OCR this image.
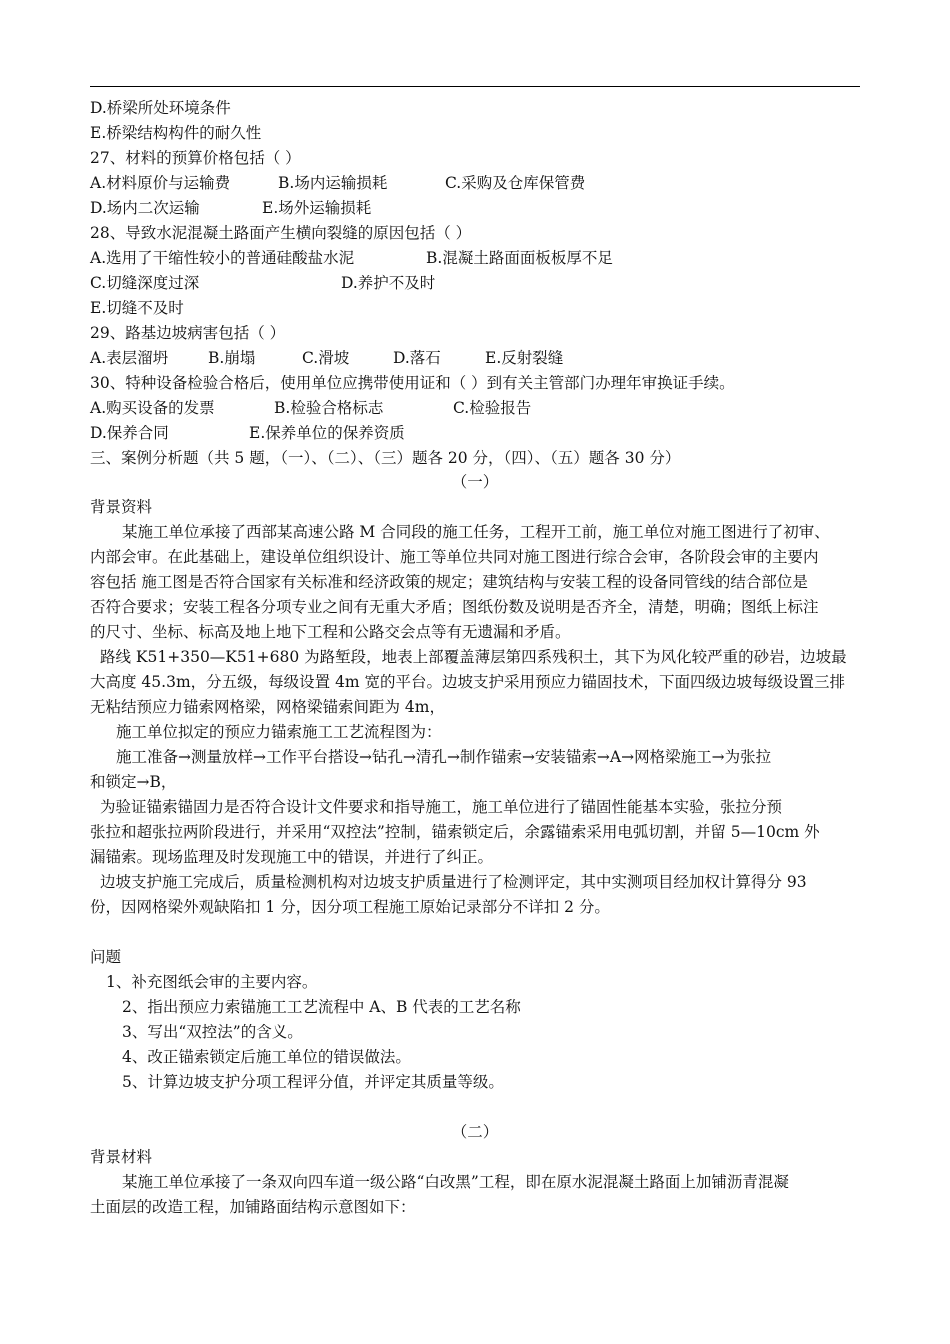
D.桥梁所处环境条件
E.桥梁结构构件的耐久性
27、材料的预算价格包括（ ）
A.材料原价与运输费	B.场内运输损耗	C.采购及仓库保管费
D.场内二次运输	E.场外运输损耗
28、导致水泥混凝土路面产生横向裂缝的原因包括（ ）
A.选用了干缩性较小的普通硅酸盐水泥	B.混凝土路面面板板厚不足
C.切缝深度过深	D.养护不及时
E.切缝不及时
29、路基边坡病害包括（ ）
A.表层溜坍	B.崩塌	C.滑坡	D.落石	E.反射裂缝
30、特种设备检验合格后，使用单位应携带使用证和（ ）到有关主管部门办理年审换证手续。
A.购买设备的发票	B.检验合格标志	C.检验报告
D.保养合同	E.保养单位的保养资质
三、案例分析题（共 5 题，（一）、（二）、（三）题各 20 分，（四）、（五）题各 30 分）
（一）
背景资料
某施工单位承接了西部某高速公路 M 合同段的施工任务，工程开工前，施工单位对施工图进行了初审、
内部会审。在此基础上，建设单位组织设计、施工等单位共同对施工图进行综合会审，各阶段会审的主要内
容包括 施工图是否符合国家有关标准和经济政策的规定；建筑结构与安装工程的设备同管线的结合部位是
否符合要求；安装工程各分项专业之间有无重大矛盾；图纸份数及说明是否齐全，清楚，明确；图纸上标注
的尺寸、坐标、标高及地上地下工程和公路交会点等有无遗漏和矛盾。
路线 K51+350—K51+680 为路堑段，地表上部覆盖薄层第四系残积土，其下为风化较严重的砂岩，边坡最
大高度 45.3m，分五级，每级设置 4m 宽的平台。边坡支护采用预应力锚固技术，下面四级边坡每级设置三排
无粘结预应力锚索网格梁，网格梁锚索间距为 4m，
施工单位拟定的预应力锚索施工工艺流程图为：
施工准备→测量放样→工作平台搭设→钻孔→清孔→制作锚索→安装锚索→A→网格梁施工→为张拉
和锁定→B，
为验证锚索锚固力是否符合设计文件要求和指导施工，施工单位进行了锚固性能基本实验，张拉分预
张拉和超张拉两阶段进行，并采用“双控法”控制，锚索锁定后，余露锚索采用电弧切割，并留 5—10cm 外
漏锚索。现场监理及时发现施工中的错误，并进行了纠正。
边坡支护施工完成后，质量检测机构对边坡支护质量进行了检测评定，其中实测项目经加权计算得分 93
份，因网格梁外观缺陷扣 1 分，因分项工程施工原始记录部分不详扣 2 分。
问题
1、补充图纸会审的主要内容。
2、指出预应力索锚施工工艺流程中 A、B 代表的工艺名称
3、写出“双控法”的含义。
4、改正锚索锁定后施工单位的错误做法。
5、计算边坡支护分项工程评分值，并评定其质量等级。
（二）
背景材料
某施工单位承接了一条双向四车道一级公路“白改黑”工程，即在原水泥混凝土路面上加铺沥青混凝
土面层的改造工程，加铺路面结构示意图如下：
